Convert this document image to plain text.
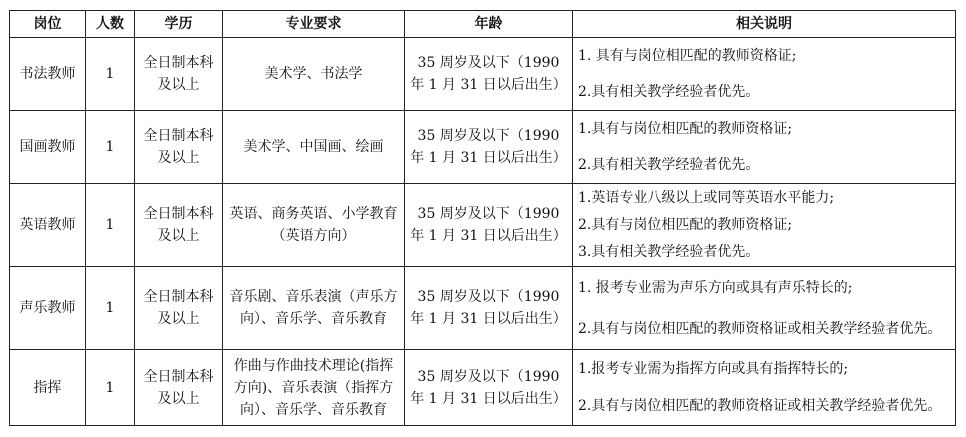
岗位	人数	学历	专业要求	年龄	相关说明
书法教师	1	全日制本科及以上	美术学、书法学	35 周岁及以下（1990 年 1 月 31 日以后出生）	1. 具有与岗位相匹配的教师资格证;
2.具有相关教学经验者优先。

国画教师	1	全日制本科及以上	美术学、中国画、绘画	35 周岁及以下（1990 年 1 月 31 日以后出生）	1.具有与岗位相匹配的教师资格证;
2.具有相关教学经验者优先。

英语教师	1	全日制本科及以上	英语、商务英语、小学教育（英语方向）	35 周岁及以下（1990 年 1 月 31 日以后出生）	1.英语专业八级以上或同等英语水平能力;
2.具有与岗位相匹配的教师资格证;
3.具有相关教学经验者优先。

声乐教师	1	全日制本科及以上	音乐剧、音乐表演（声乐方向）、音乐学、音乐教育	35 周岁及以下（1990 年 1 月 31 日以后出生）	1. 报考专业需为声乐方向或具有声乐特长的;
2.具有与岗位相匹配的教师资格证或相关教学经验者优先。

指挥	1	全日制本科及以上	作曲与作曲技术理论(指挥方向)、音乐表演（指挥方向）、音乐学、音乐教育	35 周岁及以下（1990 年 1 月 31 日以后出生）	1.报考专业需为指挥方向或具有指挥特长的;
2.具有与岗位相匹配的教师资格证或相关教学经验者优先。
